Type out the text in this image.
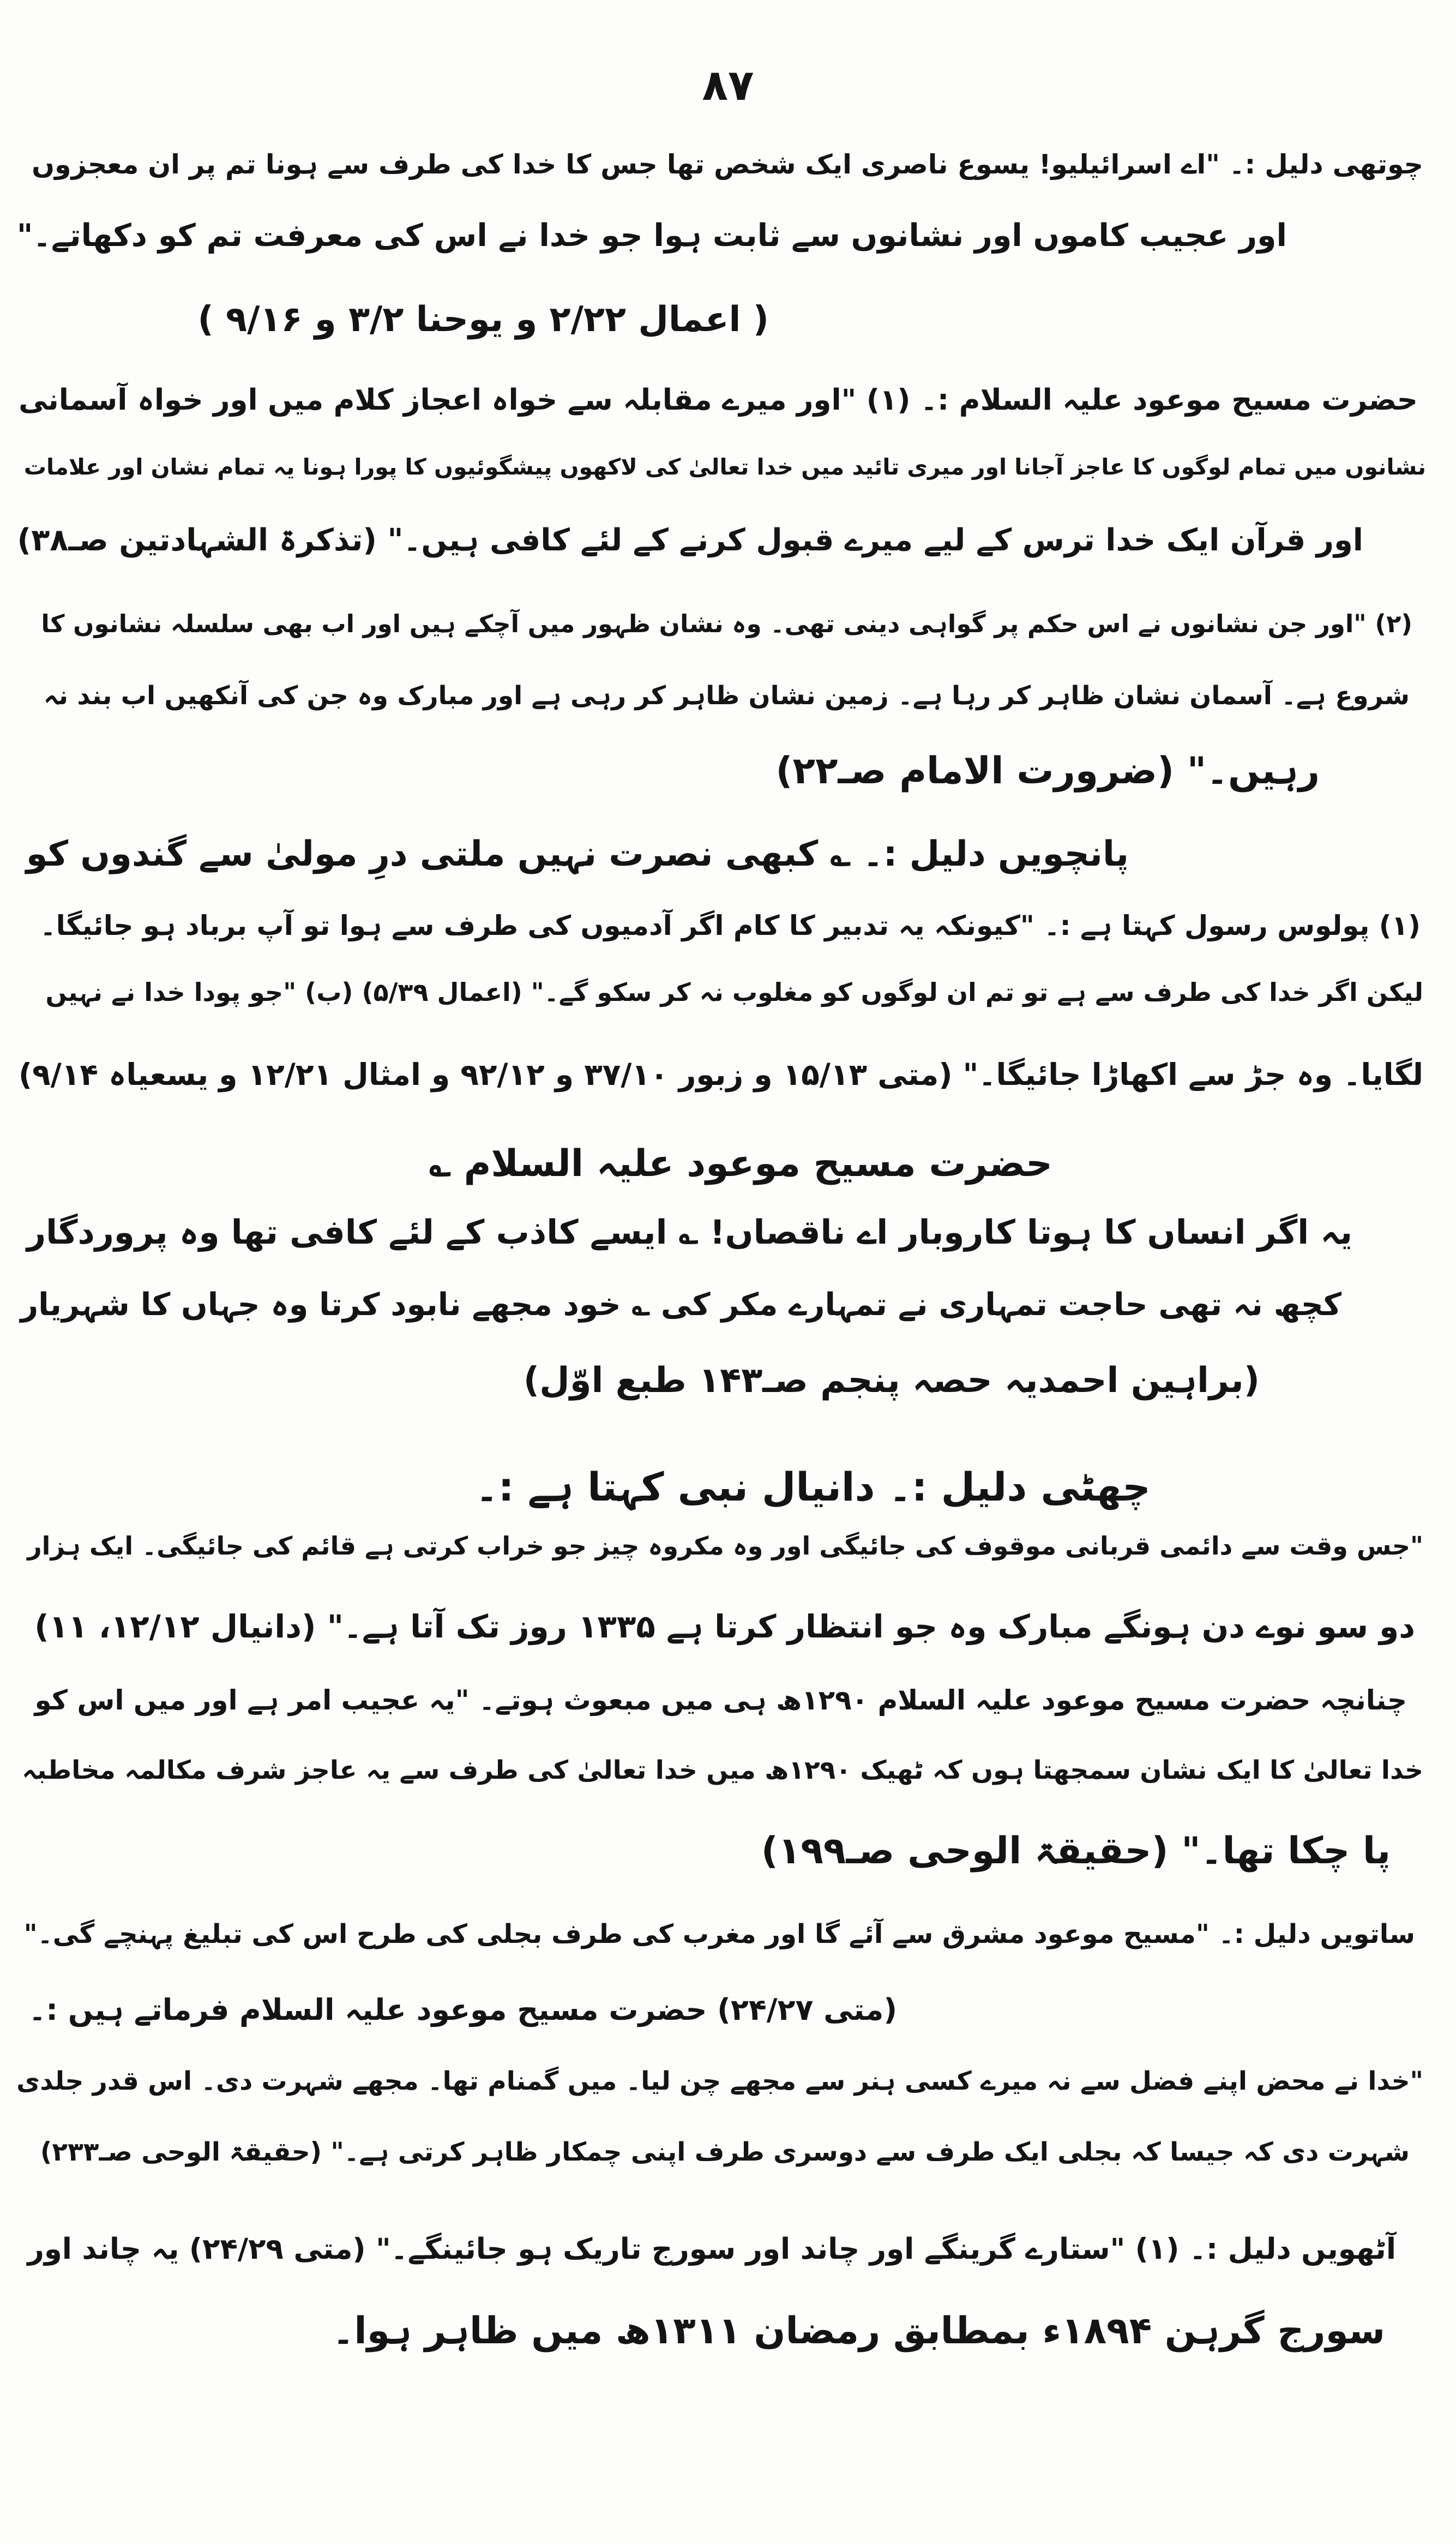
۸۷
چوتھی دلیل :۔ "اے اسرائیلیو! یسوع ناصری ایک شخص تھا جس کا خدا کی طرف سے ہونا تم پر ان معجزوں
اور عجیب کاموں اور نشانوں سے ثابت ہوا جو خدا نے اس کی معرفت تم کو دکھاتے۔"
( اعمال ۲/۲۲ و یوحنا ۳/۲ و ۹/۱۶ )
حضرت مسیح موعود علیہ السلام :۔ (۱) "اور میرے مقابلہ سے خواہ اعجاز کلام میں اور خواہ آسمانی
نشانوں میں تمام لوگوں کا عاجز آجانا اور میری تائید میں خدا تعالیٰ کی لاکھوں پیشگوئیوں کا پورا ہونا یہ تمام نشان اور علامات
اور قرآن ایک خدا ترس کے لیے میرے قبول کرنے کے لئے کافی ہیں۔" (تذکرۃ الشہادتین صـ۳۸)
(۲) "اور جن نشانوں نے اس حکم پر گواہی دینی تھی۔ وہ نشان ظہور میں آچکے ہیں اور اب بھی سلسلہ نشانوں کا
شروع ہے۔ آسمان نشان ظاہر کر رہا ہے۔ زمین نشان ظاہر کر رہی ہے اور مبارک وہ جن کی آنکھیں اب بند نہ
رہیں۔" (ضرورت الامام صـ۲۲)
پانچویں دلیل :۔ ؎ کبھی نصرت نہیں ملتی درِ مولیٰ سے گندوں کو
(۱) پولوس رسول کہتا ہے :۔ "کیونکہ یہ تدبیر کا کام اگر آدمیوں کی طرف سے ہوا تو آپ برباد ہو جائیگا۔
لیکن اگر خدا کی طرف سے ہے تو تم ان لوگوں کو مغلوب نہ کر سکو گے۔" (اعمال ۵/۳۹) (ب) "جو پودا خدا نے نہیں
لگایا۔ وہ جڑ سے اکھاڑا جائیگا۔" (متی ۱۵/۱۳ و زبور ۳۷/۱۰ و ۹۲/۱۲ و امثال ۱۲/۲۱ و یسعیاہ ۹/۱۴)
حضرت مسیح موعود علیہ السلام ؎
یہ اگر انساں کا ہوتا کاروبار اے ناقصاں! ؎ ایسے کاذب کے لئے کافی تھا وہ پروردگار
کچھ نہ تھی حاجت تمہاری نے تمہارے مکر کی ؎ خود مجھے نابود کرتا وہ جہاں کا شہریار
(براہین احمدیہ حصہ پنجم صـ۱۴۳ طبع اوّل)
چھٹی دلیل :۔ دانیال نبی کہتا ہے :۔
"جس وقت سے دائمی قربانی موقوف کی جائیگی اور وہ مکروہ چیز جو خراب کرتی ہے قائم کی جائیگی۔ ایک ہزار
دو سو نوے دن ہونگے مبارک وہ جو انتظار کرتا ہے ۱۳۳۵ روز تک آتا ہے۔" (دانیال ۱۲/۱۲، ۱۱)
چنانچہ حضرت مسیح موعود علیہ السلام ۱۲۹۰ھ ہی میں مبعوث ہوتے۔ "یہ عجیب امر ہے اور میں اس کو
خدا تعالیٰ کا ایک نشان سمجھتا ہوں کہ ٹھیک ۱۲۹۰ھ میں خدا تعالیٰ کی طرف سے یہ عاجز شرف مکالمہ مخاطبہ
پا چکا تھا۔" (حقیقۃ الوحی صـ۱۹۹)
ساتویں دلیل :۔ "مسیح موعود مشرق سے آئے گا اور مغرب کی طرف بجلی کی طرح اس کی تبلیغ پہنچے گی۔"
(متی ۲۴/۲۷) حضرت مسیح موعود علیہ السلام فرماتے ہیں :۔
"خدا نے محض اپنے فضل سے نہ میرے کسی ہنر سے مجھے چن لیا۔ میں گمنام تھا۔ مجھے شہرت دی۔ اس قدر جلدی
شہرت دی کہ جیسا کہ بجلی ایک طرف سے دوسری طرف اپنی چمکار ظاہر کرتی ہے۔" (حقیقۃ الوحی صـ۲۳۳)
آٹھویں دلیل :۔ (۱) "ستارے گرینگے اور چاند اور سورج تاریک ہو جائینگے۔" (متی ۲۴/۲۹) یہ چاند اور
سورج گرہن ۱۸۹۴ء بمطابق رمضان ۱۳۱۱ھ میں ظاہر ہوا۔
